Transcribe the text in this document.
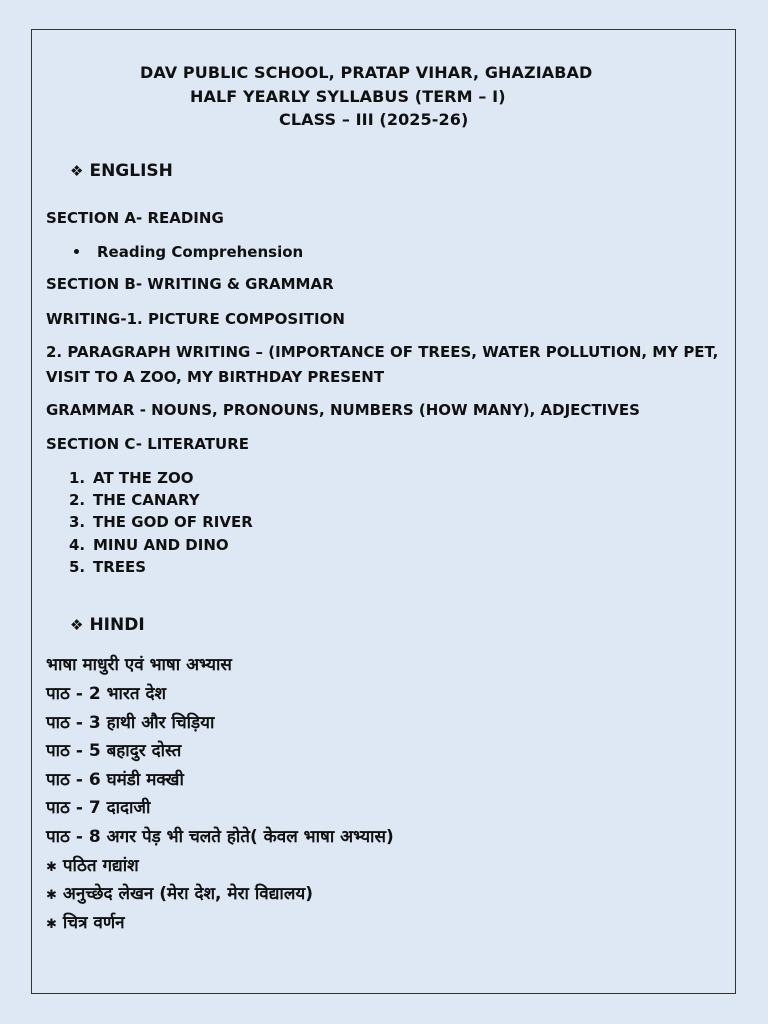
DAV PUBLIC SCHOOL, PRATAP VIHAR, GHAZIABAD
HALF YEARLY SYLLABUS (TERM – I)
CLASS – III (2025-26)
❖ ENGLISH
SECTION A- READING
Reading Comprehension
SECTION B- WRITING & GRAMMAR
WRITING-1. PICTURE COMPOSITION
2. PARAGRAPH WRITING – (IMPORTANCE OF TREES, WATER POLLUTION, MY PET,
VISIT TO A ZOO, MY BIRTHDAY PRESENT
GRAMMAR - NOUNS, PRONOUNS, NUMBERS (HOW MANY), ADJECTIVES
SECTION C- LITERATURE
1. AT THE ZOO
2. THE CANARY
3. THE GOD OF RIVER
4. MINU AND DINO
5. TREES
❖ HINDI
भाषा माधुरी एवं भाषा अभ्यास
पाठ - 2 भारत देश
पाठ - 3 हाथी और चिड़िया
पाठ - 5 बहादुर दोस्त
पाठ - 6 घमंडी मक्खी
पाठ - 7 दादाजी
पाठ - 8 अगर पेड़ भी चलते होते( केवल भाषा अभ्यास)
✱ पठित गद्यांश
✱ अनुच्छेद लेखन (मेरा देश, मेरा विद्यालय)
✱ चित्र वर्णन
